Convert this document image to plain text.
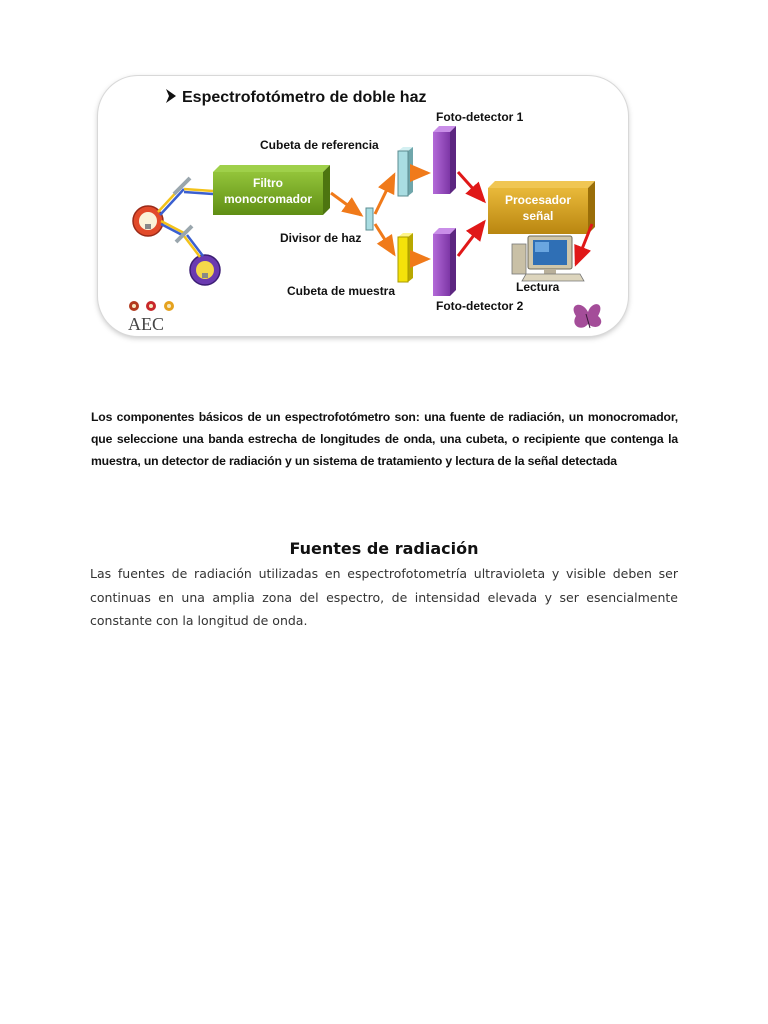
Espectrofotómetro de doble haz
Filtro
monocromador
Divisor de haz
Cubeta de referencia
Cubeta de muestra
Foto-detector 1
Foto-detector 2
Procesador
señal
Lectura
AEC
Los componentes básicos de un espectrofotómetro son: una fuente de radiación, un monocromador, que seleccione una banda estrecha de longitudes de onda, una cubeta, o recipiente que contenga la muestra, un detector de radiación y un sistema de tratamiento y lectura de la señal detectada
Fuentes de radiación
Las fuentes de radiación utilizadas en espectrofotometría ultravioleta y visible deben ser continuas en una amplia zona del espectro, de intensidad elevada y ser esencialmente constante con la longitud de onda.
